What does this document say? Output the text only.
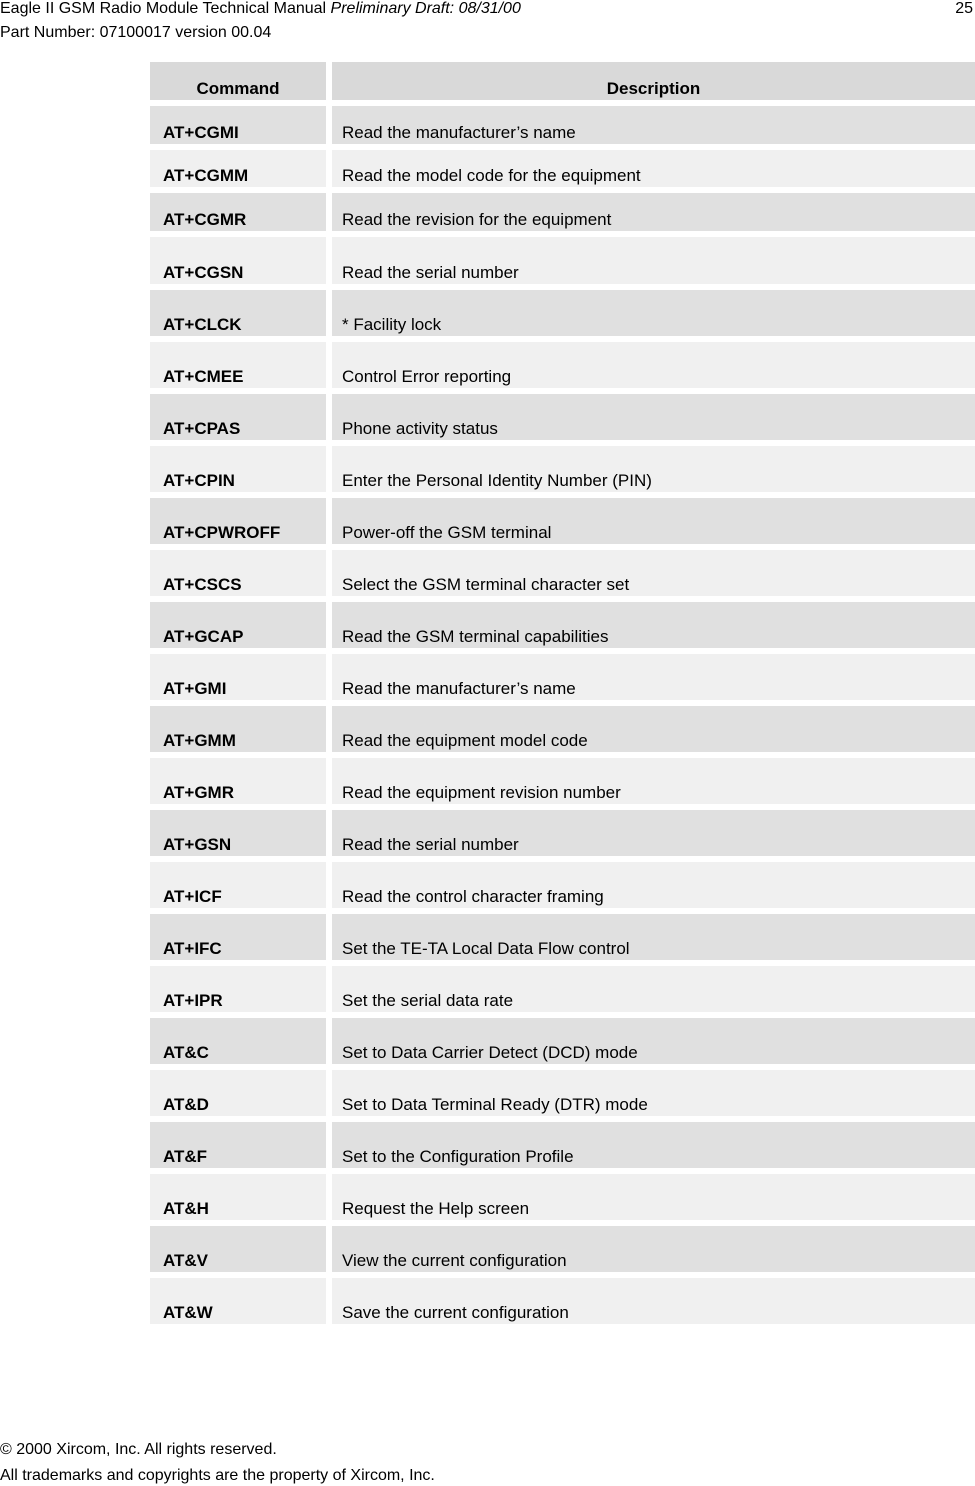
Eagle II GSM Radio Module Technical Manual Preliminary Draft: 08/31/00	25
Part Number: 07100017 version 00.04
Command	Description
AT+CGMI	Read the manufacturer’s name
AT+CGMM	Read the model code for the equipment
AT+CGMR	Read the revision for the equipment
AT+CGSN	Read the serial number
AT+CLCK	* Facility lock
AT+CMEE	Control Error reporting
AT+CPAS	Phone activity status
AT+CPIN	Enter the Personal Identity Number (PIN)
AT+CPWROFF	Power-off the GSM terminal
AT+CSCS	Select the GSM terminal character set
AT+GCAP	Read the GSM terminal capabilities
AT+GMI	Read the manufacturer’s name
AT+GMM	Read the equipment model code
AT+GMR	Read the equipment revision number
AT+GSN	Read the serial number
AT+ICF	Read the control character framing
AT+IFC	Set the TE-TA Local Data Flow control
AT+IPR	Set the serial data rate
AT&C	Set to Data Carrier Detect (DCD) mode
AT&D	Set to Data Terminal Ready (DTR) mode
AT&F	Set to the Configuration Profile
AT&H	Request the Help screen
AT&V	View the current configuration
AT&W	Save the current configuration
© 2000 Xircom, Inc. All rights reserved.
All trademarks and copyrights are the property of Xircom, Inc.
